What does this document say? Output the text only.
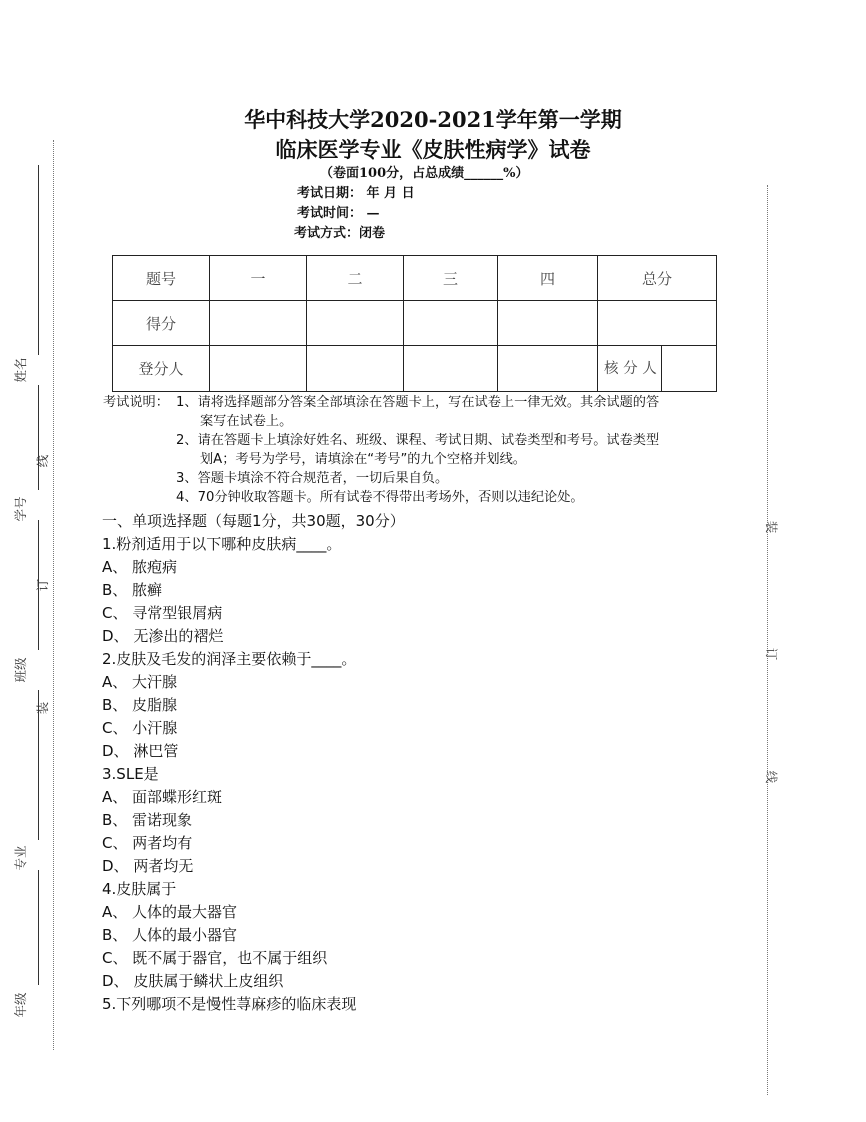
华中科技大学2020-2021学年第一学期
临床医学专业《皮肤性病学》试卷
（卷面100分，占总成绩______%）
考试日期： 年 月 日
考试时间： —
考试方式：闭卷
题号	一	二	三	四	总分	
得分						
登分人					核 分 人	
考试说明： 1、请将选择题部分答案全部填涂在答题卡上，写在试卷上一律无效。其余试题的答
案写在试卷上。
2、请在答题卡上填涂好姓名、班级、课程、考试日期、试卷类型和考号。试卷类型
划A；考号为学号，请填涂在“考号”的九个空格并划线。
3、答题卡填涂不符合规范者，一切后果自负。
4、70分钟收取答题卡。所有试卷不得带出考场外，否则以违纪论处。
一、单项选择题（每题1分，共30题，30分）
1.粉剂适用于以下哪种皮肤病____。
A、 脓疱病
B、 脓癣
C、 寻常型银屑病
D、 无渗出的褶烂
2.皮肤及毛发的润泽主要依赖于____。
A、 大汗腺
B、 皮脂腺
C、 小汗腺
D、 淋巴管
3.SLE是
A、 面部蝶形红斑
B、 雷诺现象
C、 两者均有
D、 两者均无
4.皮肤属于
A、 人体的最大器官
B、 人体的最小器官
C、 既不属于器官，也不属于组织
D、 皮肤属于鳞状上皮组织
5.下列哪项不是慢性荨麻疹的临床表现
姓名
学号
班级
专业
年级
线
订
装
装
订
线
